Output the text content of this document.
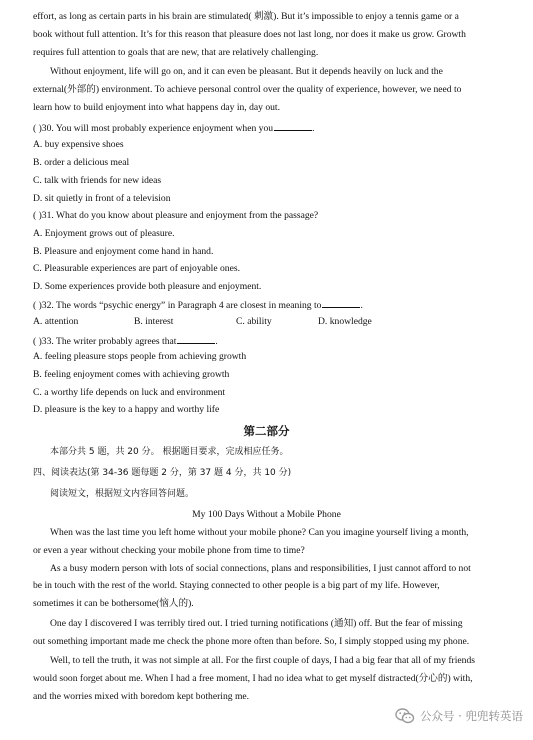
effort, as long as certain parts in his brain are stimulated( 刺激). But it’s impossible to enjoy a tennis game or a
book without full attention. It’s for this reason that pleasure does not last long, nor does it make us grow. Growth
requires full attention to goals that are new, that are relatively challenging.
Without enjoyment, life will go on, and it can even be pleasant. But it depends heavily on luck and the
external(外部的) environment. To achieve personal control over the quality of experience, however, we need to
learn how to build enjoyment into what happens day in, day out.
( )30. You will most probably experience enjoyment when you	.
A. buy expensive shoes
B. order a delicious meal
C. talk with friends for new ideas
D. sit quietly in front of a television
( )31. What do you know about pleasure and enjoyment from the passage?
A. Enjoyment grows out of pleasure.
B. Pleasure and enjoyment come hand in hand.
C. Pleasurable experiences are part of enjoyable ones.
D. Some experiences provide both pleasure and enjoyment.
( )32. The words “psychic energy” in Paragraph 4 are closest in meaning to	.
A. attention	B. interest	C. ability	D. knowledge
( )33. The writer probably agrees that	.
A. feeling pleasure stops people from achieving growth
B. feeling enjoyment comes with achieving growth
C. a worthy life depends on luck and environment
D. pleasure is the key to a happy and worthy life
第二部分
本部分共 5 题，共 20 分。 根据题目要求，完成相应任务。
四、阅读表达(第 34-36 题每题 2 分，第 37 题 4 分，共 10 分)
阅读短文，根据短文内容回答问题。
My 100 Days Without a Mobile Phone
When was the last time you left home without your mobile phone? Can you imagine yourself living a month,
or even a year without checking your mobile phone from time to time?
As a busy modern person with lots of social connections, plans and responsibilities, I just cannot afford to not
be in touch with the rest of the world. Staying connected to other people is a big part of my life. However,
sometimes it can be bothersome(恼人的).
One day I discovered I was terribly tired out. I tried turning notifications (通知) off. But the fear of missing
out something important made me check the phone more often than before. So, I simply stopped using my phone.
Well, to tell the truth, it was not simple at all. For the first couple of days, I had a big fear that all of my friends
would soon forget about me. When I had a free moment, I had no idea what to get myself distracted(分心的) with,
and the worries mixed with boredom kept bothering me.
公众号 · 兜兜转英语
